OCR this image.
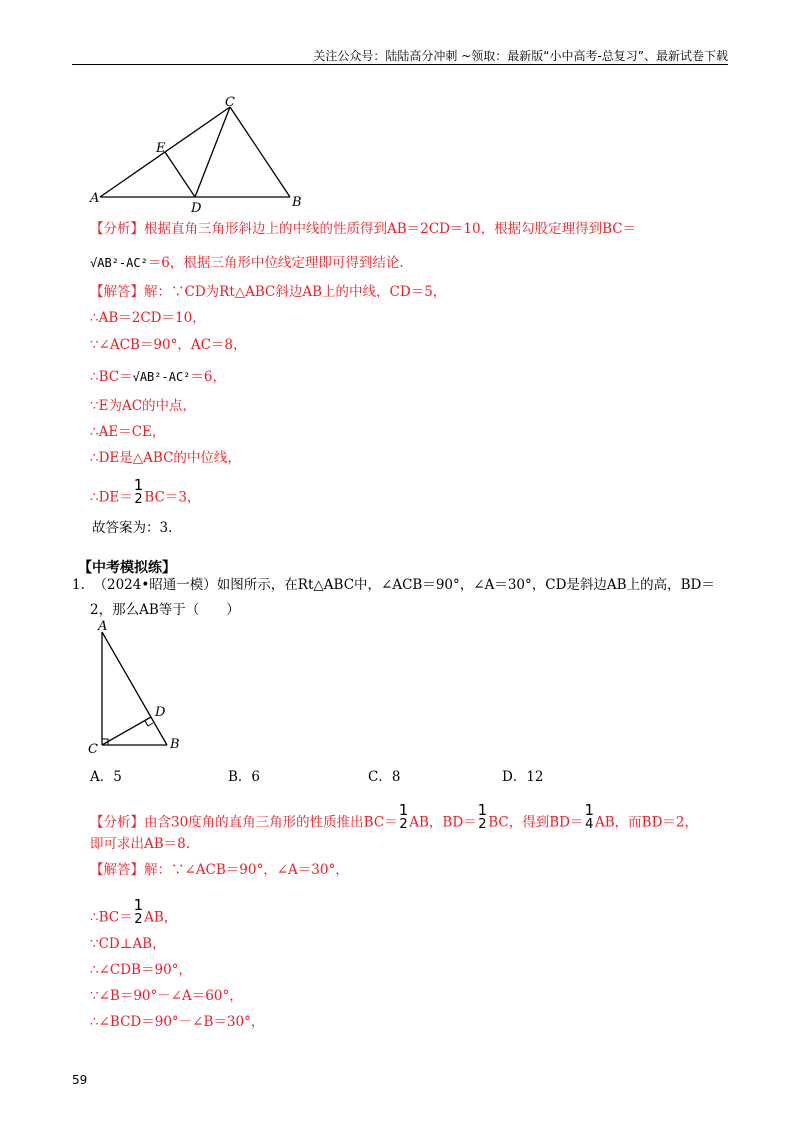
关注公众号：陆陆高分冲刺 ~领取：最新版“小中高考-总复习”、最新试卷下载
A	B
C
D
E
【分析】根据直角三角形斜边上的中线的性质得到AB＝2CD＝10，根据勾股定理得到BC＝
√AB²-AC²＝6，根据三角形中位线定理即可得到结论.
【解答】解：∵CD为Rt△ABC斜边AB上的中线，CD＝5，
∴AB＝2CD＝10，
∵∠ACB＝90°，AC＝8，
∴BC＝√AB²-AC²＝6，
∵E为AC的中点，
∴AE＝CE，
∴DE是△ABC的中位线，
∴DE＝
1
2 BC＝3，
故答案为：3.
【中考模拟练】
1. （2024•昭通一模）如图所示，在Rt△ABC中，∠ACB＝90°，∠A＝30°，CD是斜边AB上的高，BD＝
2，那么AB等于（　　）
A
B
C
D
A．5	B．6	C．8	D．12
【分析】由含30度角的直角三角形的性质推出BC＝
1
2 AB，BD＝
1
2 BC，得到BD＝
1
4 AB，而BD＝2，
即可求出AB＝8.
【解答】解：∵∠ACB＝90°，∠A＝30°，
∴BC＝
1
2 AB，
∵CD⊥AB，
∴∠CDB＝90°，
∵∠B＝90°－∠A＝60°，
∴∠BCD＝90°－∠B＝30°，
59
